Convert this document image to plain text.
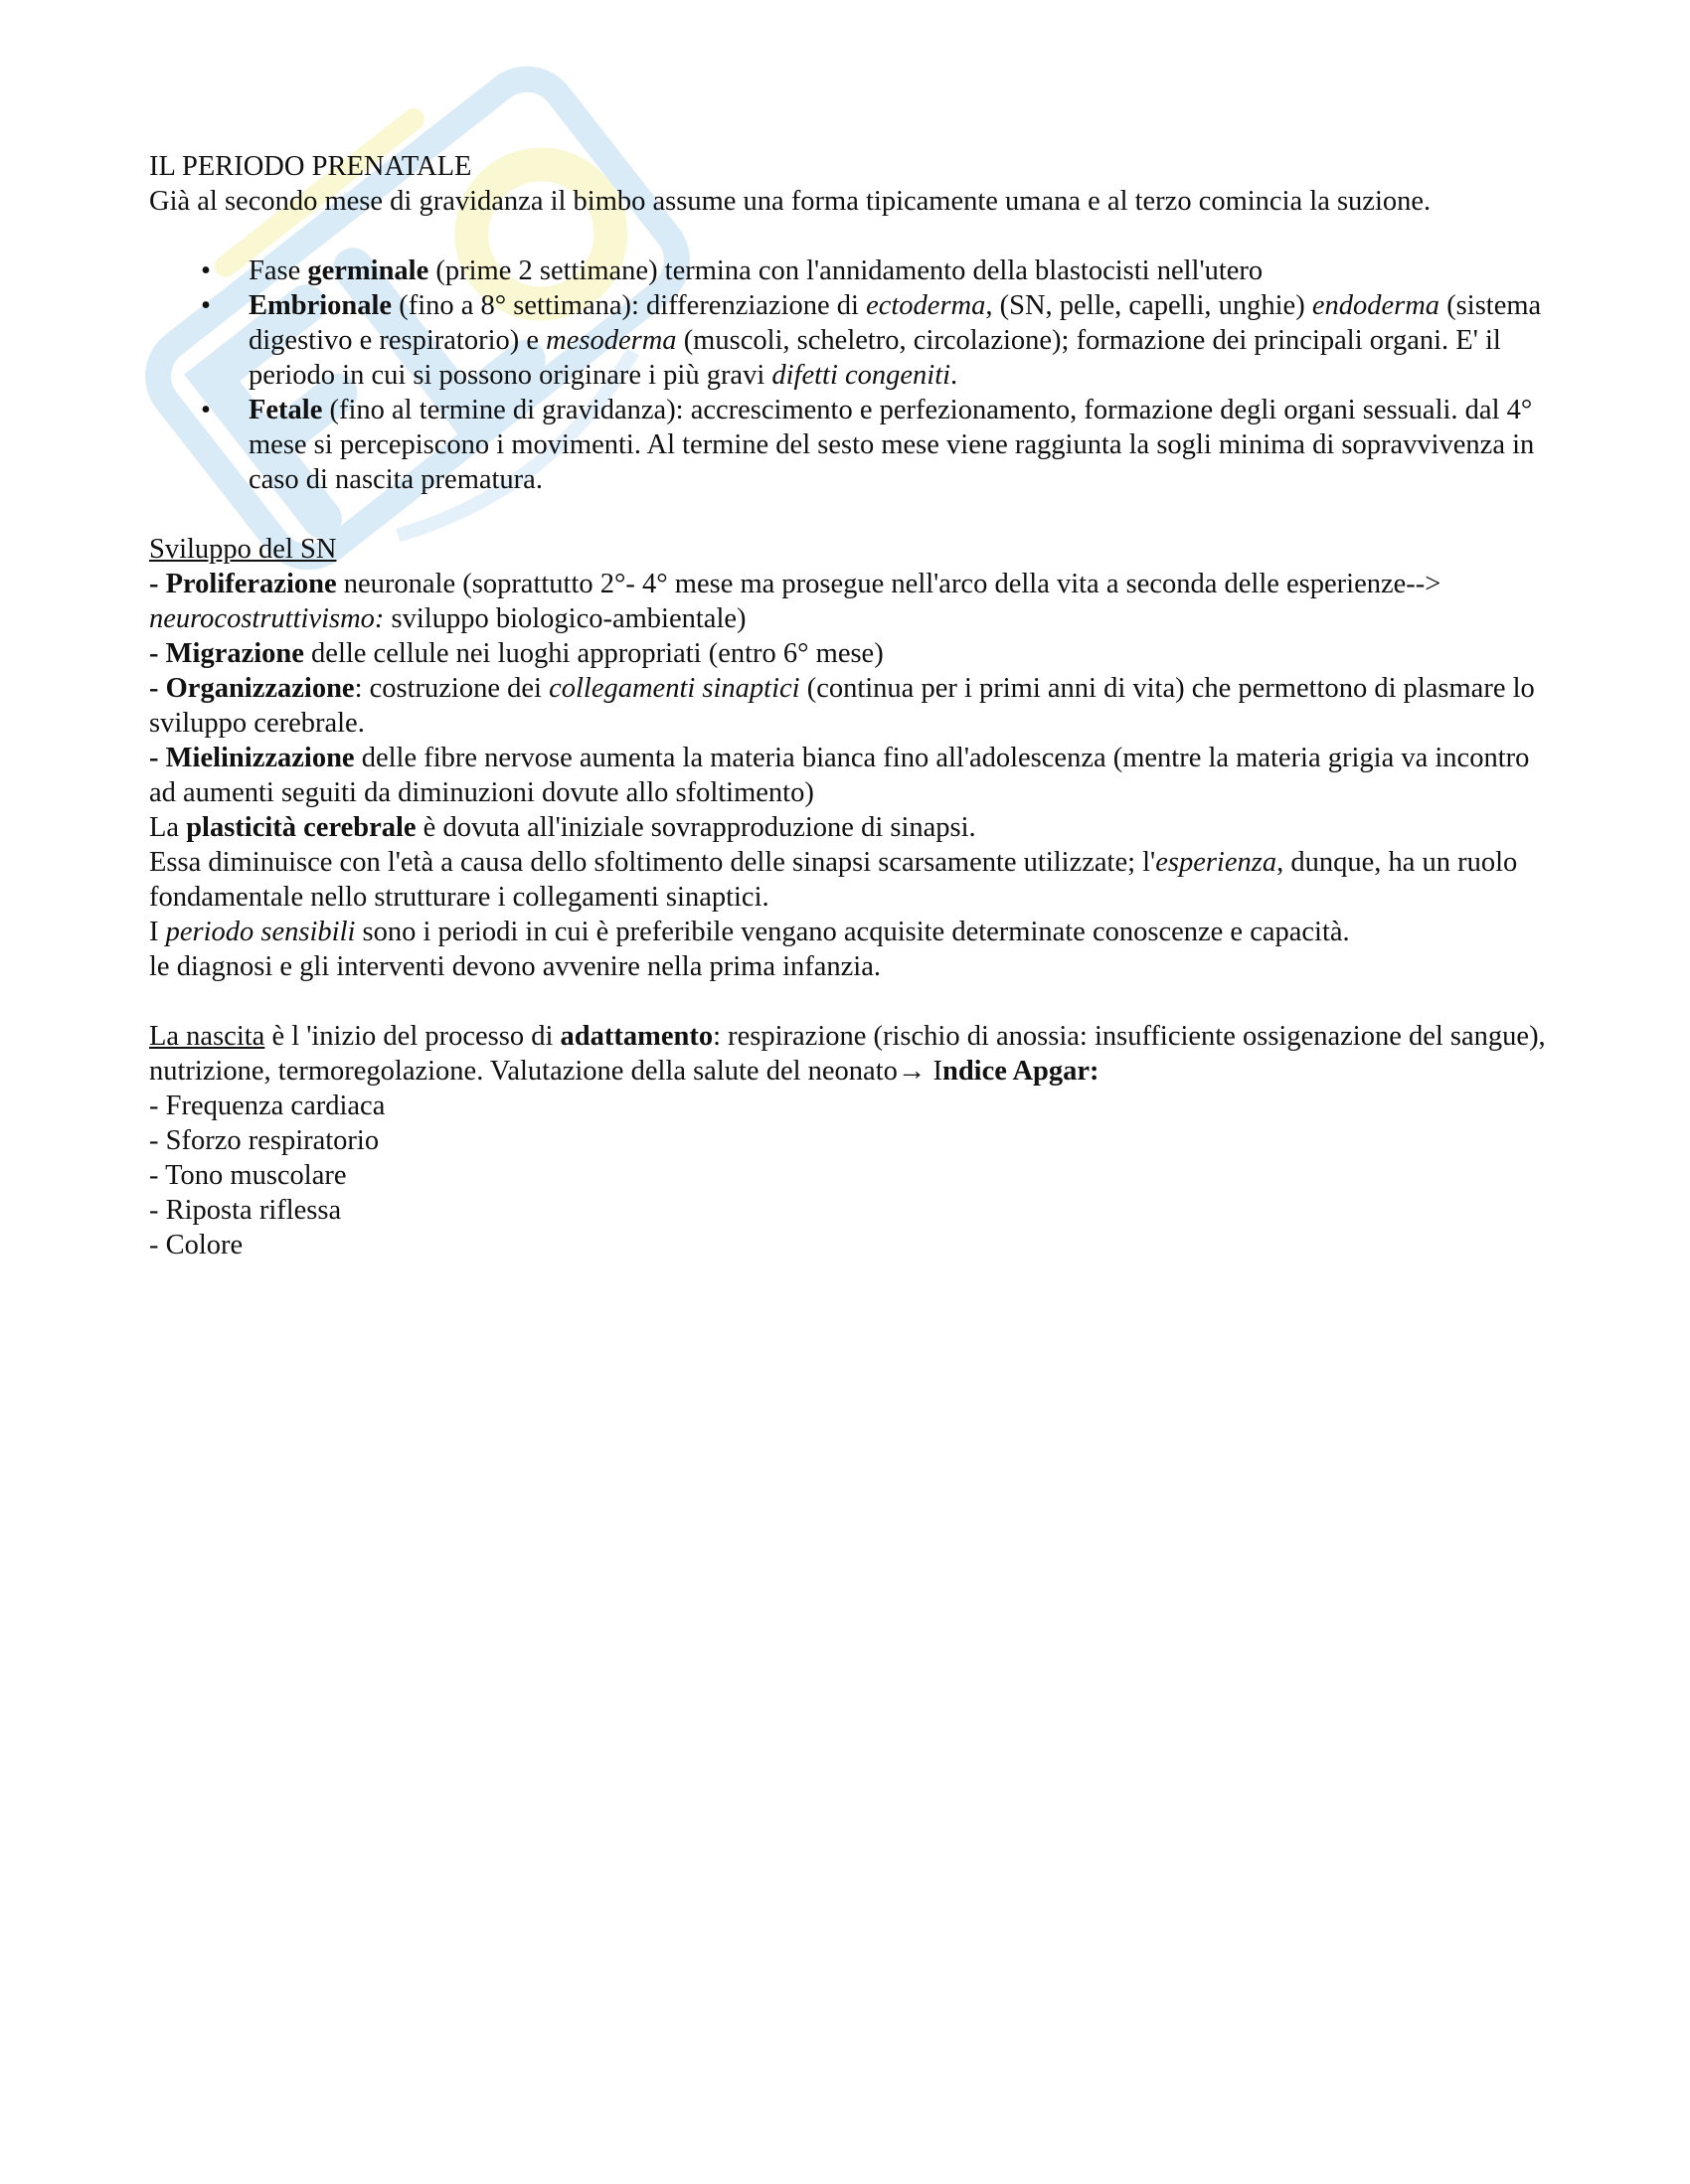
IL PERIODO PRENATALE

Già al secondo mese di gravidanza il bimbo assume una forma tipicamente umana e al terzo comincia la suzione.

• Fase germinale (prime 2 settimane) termina con l'annidamento della blastocisti nell'utero
• Embrionale (fino a 8° settimana): differenziazione di ectoderma, (SN, pelle, capelli, unghie) endoderma (sistema digestivo e respiratorio) e mesoderma (muscoli, scheletro, circolazione); formazione dei principali organi. E' il periodo in cui si possono originare i più gravi difetti congeniti.
• Fetale (fino al termine di gravidanza): accrescimento e perfezionamento, formazione degli organi sessuali. dal 4° mese si percepiscono i movimenti. Al termine del sesto mese viene raggiunta la sogli minima di sopravvivenza in caso di nascita prematura.

Sviluppo del SN

- Proliferazione neuronale (soprattutto 2°- 4° mese ma prosegue nell'arco della vita a seconda delle esperienze--> neurocostruttivismo: sviluppo biologico-ambientale)

- Migrazione delle cellule nei luoghi appropriati (entro 6° mese)

- Organizzazione: costruzione dei collegamenti sinaptici (continua per i primi anni di vita) che permettono di plasmare lo sviluppo cerebrale.

- Mielinizzazione delle fibre nervose aumenta la materia bianca fino all'adolescenza (mentre la materia grigia va incontro ad aumenti seguiti da diminuzioni dovute allo sfoltimento)

La plasticità cerebrale è dovuta all'iniziale sovrapproduzione di sinapsi.

Essa diminuisce con l'età a causa dello sfoltimento delle sinapsi scarsamente utilizzate; l'esperienza, dunque, ha un ruolo fondamentale nello strutturare i collegamenti sinaptici.

I periodo sensibili sono i periodi in cui è preferibile vengano acquisite determinate conoscenze e capacità.

le diagnosi e gli interventi devono avvenire nella prima infanzia.

La nascita è l 'inizio del processo di adattamento: respirazione (rischio di anossia: insufficiente ossigenazione del sangue), nutrizione, termoregolazione. Valutazione della salute del neonato→ Indice Apgar:

- Frequenza cardiaca

- Sforzo respiratorio

- Tono muscolare

- Riposta riflessa

- Colore
